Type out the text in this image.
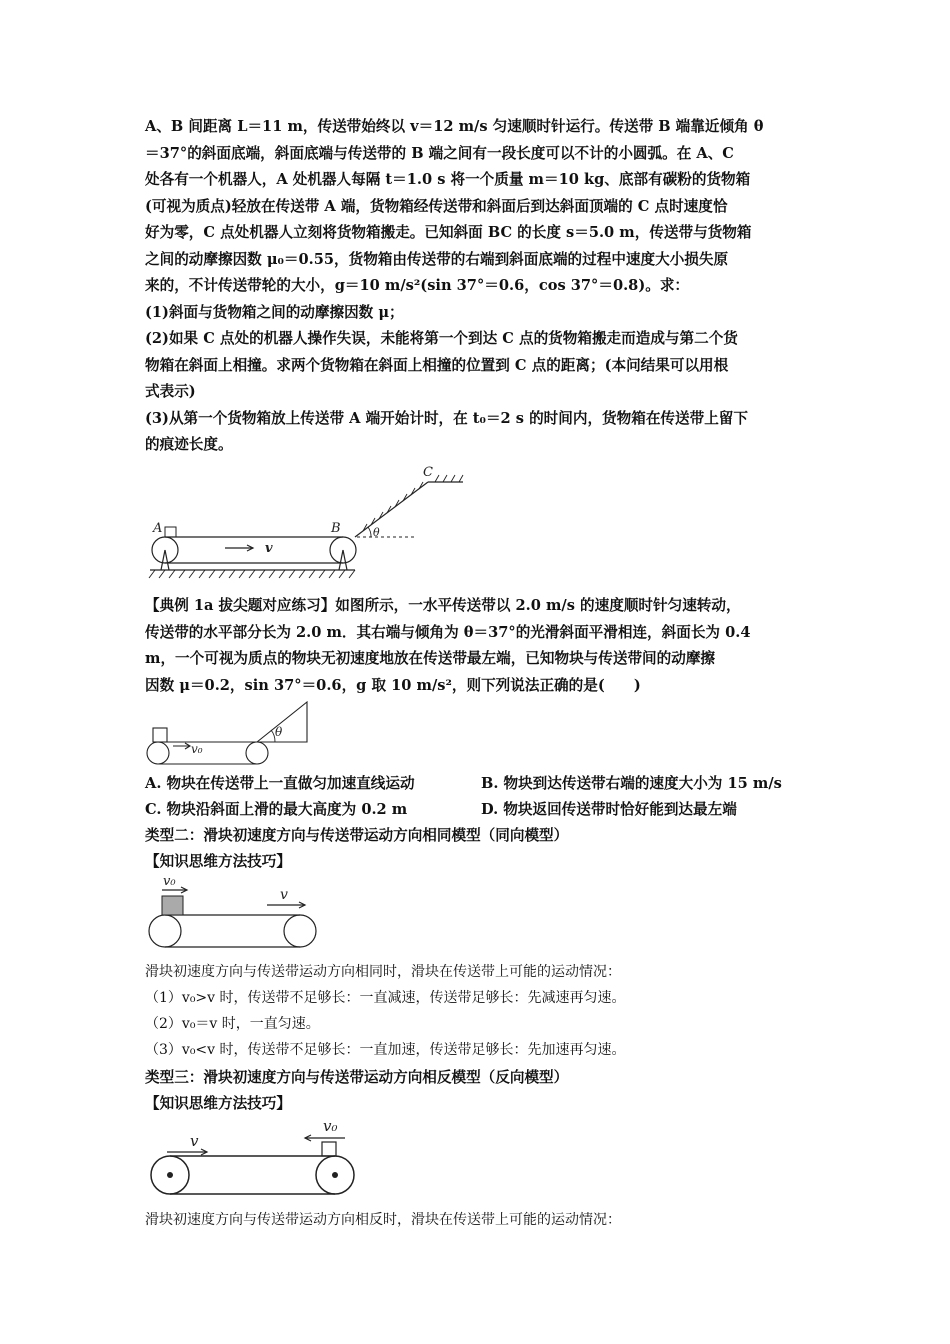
A、B 间距离 L＝11 m，传送带始终以 v＝12 m/s 匀速顺时针运行。传送带 B 端靠近倾角 θ

＝37°的斜面底端，斜面底端与传送带的 B 端之间有一段长度可以不计的小圆弧。在 A、C

处各有一个机器人，A 处机器人每隔 t＝1.0 s 将一个质量 m＝10 kg、底部有碳粉的货物箱

(可视为质点)轻放在传送带 A 端，货物箱经传送带和斜面后到达斜面顶端的 C 点时速度恰

好为零，C 点处机器人立刻将货物箱搬走。已知斜面 BC 的长度 s＝5.0 m，传送带与货物箱

之间的动摩擦因数 μ₀＝0.55，货物箱由传送带的右端到斜面底端的过程中速度大小损失原

来的，不计传送带轮的大小，g＝10 m/s²(sin 37°＝0.6，cos 37°＝0.8)。求：

(1)斜面与货物箱之间的动摩擦因数 μ；

(2)如果 C 点处的机器人操作失误，未能将第一个到达 C 点的货物箱搬走而造成与第二个货

物箱在斜面上相撞。求两个货物箱在斜面上相撞的位置到 C 点的距离；(本问结果可以用根

式表示)

(3)从第一个货物箱放上传送带 A 端开始计时，在 t₀＝2 s 的时间内，货物箱在传送带上留下

的痕迹长度。

A	B
C
v
θ

【典例 1a 拔尖题对应练习】如图所示，一水平传送带以 2.0 m/s 的速度顺时针匀速转动，

传送带的水平部分长为 2.0 m．其右端与倾角为 θ＝37°的光滑斜面平滑相连，斜面长为 0.4

m，一个可视为质点的物块无初速度地放在传送带最左端，已知物块与传送带间的动摩擦

因数 μ＝0.2，sin 37°＝0.6，g 取 10 m/s²，则下列说法正确的是(　　)

v₀
θ
A. 物块在传送带上一直做匀加速直线运动	B. 物块到达传送带右端的速度大小为 15 m/s
C. 物块沿斜面上滑的最大高度为 0.2 m	D. 物块返回传送带时恰好能到达最左端

类型二：滑块初速度方向与传送带运动方向相同模型（同向模型）

【知识思维方法技巧】

v₀
v

滑块初速度方向与传送带运动方向相同时，滑块在传送带上可能的运动情况：

（1）v₀>v 时，传送带不足够长：一直减速，传送带足够长：先减速再匀速。

（2）v₀＝v 时，一直匀速。

（3）v₀<v 时，传送带不足够长：一直加速，传送带足够长：先加速再匀速。

类型三：滑块初速度方向与传送带运动方向相反模型（反向模型）

【知识思维方法技巧】

v
v₀

滑块初速度方向与传送带运动方向相反时，滑块在传送带上可能的运动情况：
